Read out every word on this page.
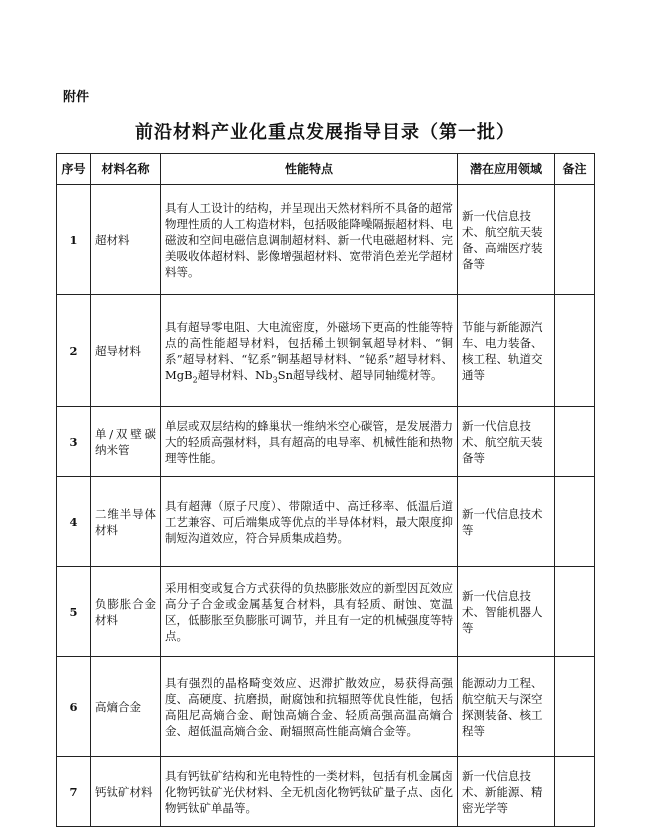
附件
前沿材料产业化重点发展指导目录（第一批）
序号	材料名称	性能特点	潜在应用领域	备注
1	超材料	具有人工设计的结构，并呈现出天然材料所不具备的超常物理性质的人工构造材料，包括吸能降噪隔振超材料、电磁波和空间电磁信息调制超材料、新一代电磁超材料、完美吸收体超材料、影像增强超材料、宽带消色差光学超材料等。	新一代信息技术、航空航天装备、高端医疗装备等	
2	超导材料	具有超导零电阻、大电流密度，外磁场下更高的性能等特点的高性能超导材料，包括稀土钡铜氧超导材料、“铜系”超导材料、“钇系”铜基超导材料、“铋系”超导材料、MgB$_2$超导材料、$Nb_3Sn$超导线材、超导同轴缆材等。	节能与新能源汽车、电力装备、核工程、轨道交通等	
3	单/双壁碳纳米管	单层或双层结构的蜂巢状一维纳米空心碳管，是发展潜力大的轻质高强材料，具有超高的电导率、机械性能和热物理等性能。	新一代信息技术、航空航天装备等	
4	二维半导体材料	具有超薄（原子尺度）、带隙适中、高迁移率、低温后道工艺兼容、可后端集成等优点的半导体材料，最大限度抑制短沟道效应，符合异质集成趋势。	新一代信息技术等	
5	负膨胀合金材料	采用相变或复合方式获得的负热膨胀效应的新型因瓦效应高分子合金或金属基复合材料，具有轻质、耐蚀、宽温区，低膨胀至负膨胀可调节，并且有一定的机械强度等特点。	新一代信息技术、智能机器人等	
6	高熵合金	具有强烈的晶格畸变效应、迟滞扩散效应，易获得高强度、高硬度、抗磨损，耐腐蚀和抗辐照等优良性能，包括高阻尼高熵合金、耐蚀高熵合金、轻质高强高温高熵合金、超低温高熵合金、耐辐照高性能高熵合金等。	能源动力工程、航空航天与深空探测装备、核工程等	
7	钙钛矿材料	具有钙钛矿结构和光电特性的一类材料，包括有机金属卤化物钙钛矿光伏材料、全无机卤化物钙钛矿量子点、卤化物钙钛矿单晶等。	新一代信息技术、新能源、精密光学等	
